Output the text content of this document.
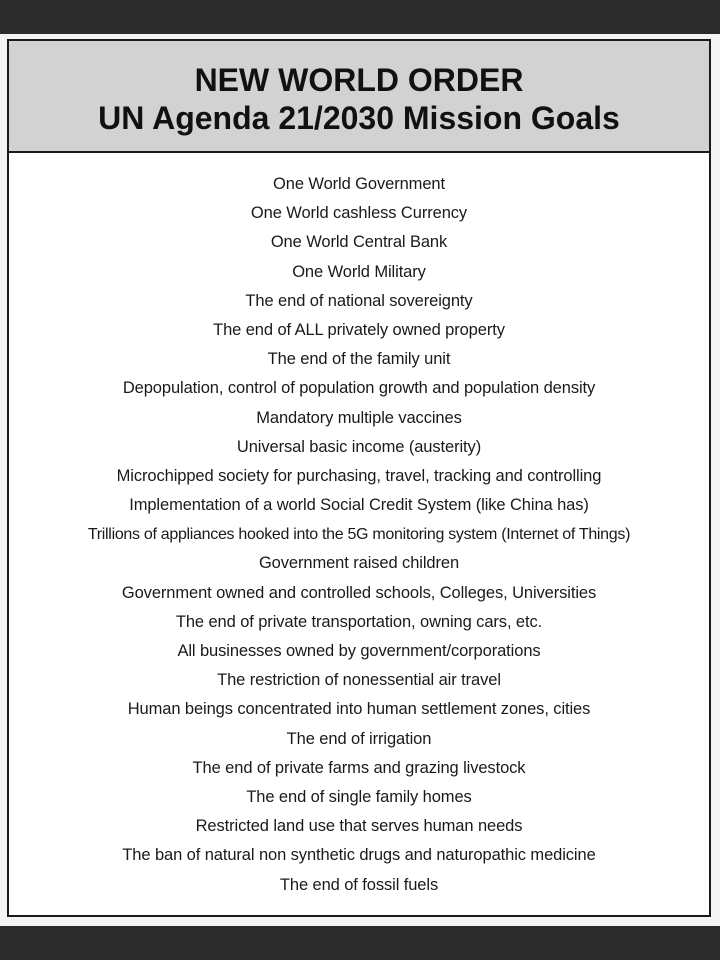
NEW WORLD ORDER
UN Agenda 21/2030 Mission Goals
One World Government
One World cashless Currency
One World Central Bank
One World Military
The end of national sovereignty
The end of ALL privately owned property
The end of the family unit
Depopulation, control of population growth and population density
Mandatory multiple vaccines
Universal basic income (austerity)
Microchipped society for purchasing, travel, tracking and controlling
Implementation of a world Social Credit System (like China has)
Trillions of appliances hooked into the 5G monitoring system (Internet of Things)
Government raised children
Government owned and controlled schools, Colleges, Universities
The end of private transportation, owning cars, etc.
All businesses owned by government/corporations
The restriction of nonessential air travel
Human beings concentrated into human settlement zones, cities
The end of irrigation
The end of private farms and grazing livestock
The end of single family homes
Restricted land use that serves human needs
The ban of natural non synthetic drugs and naturopathic medicine
The end of fossil fuels
